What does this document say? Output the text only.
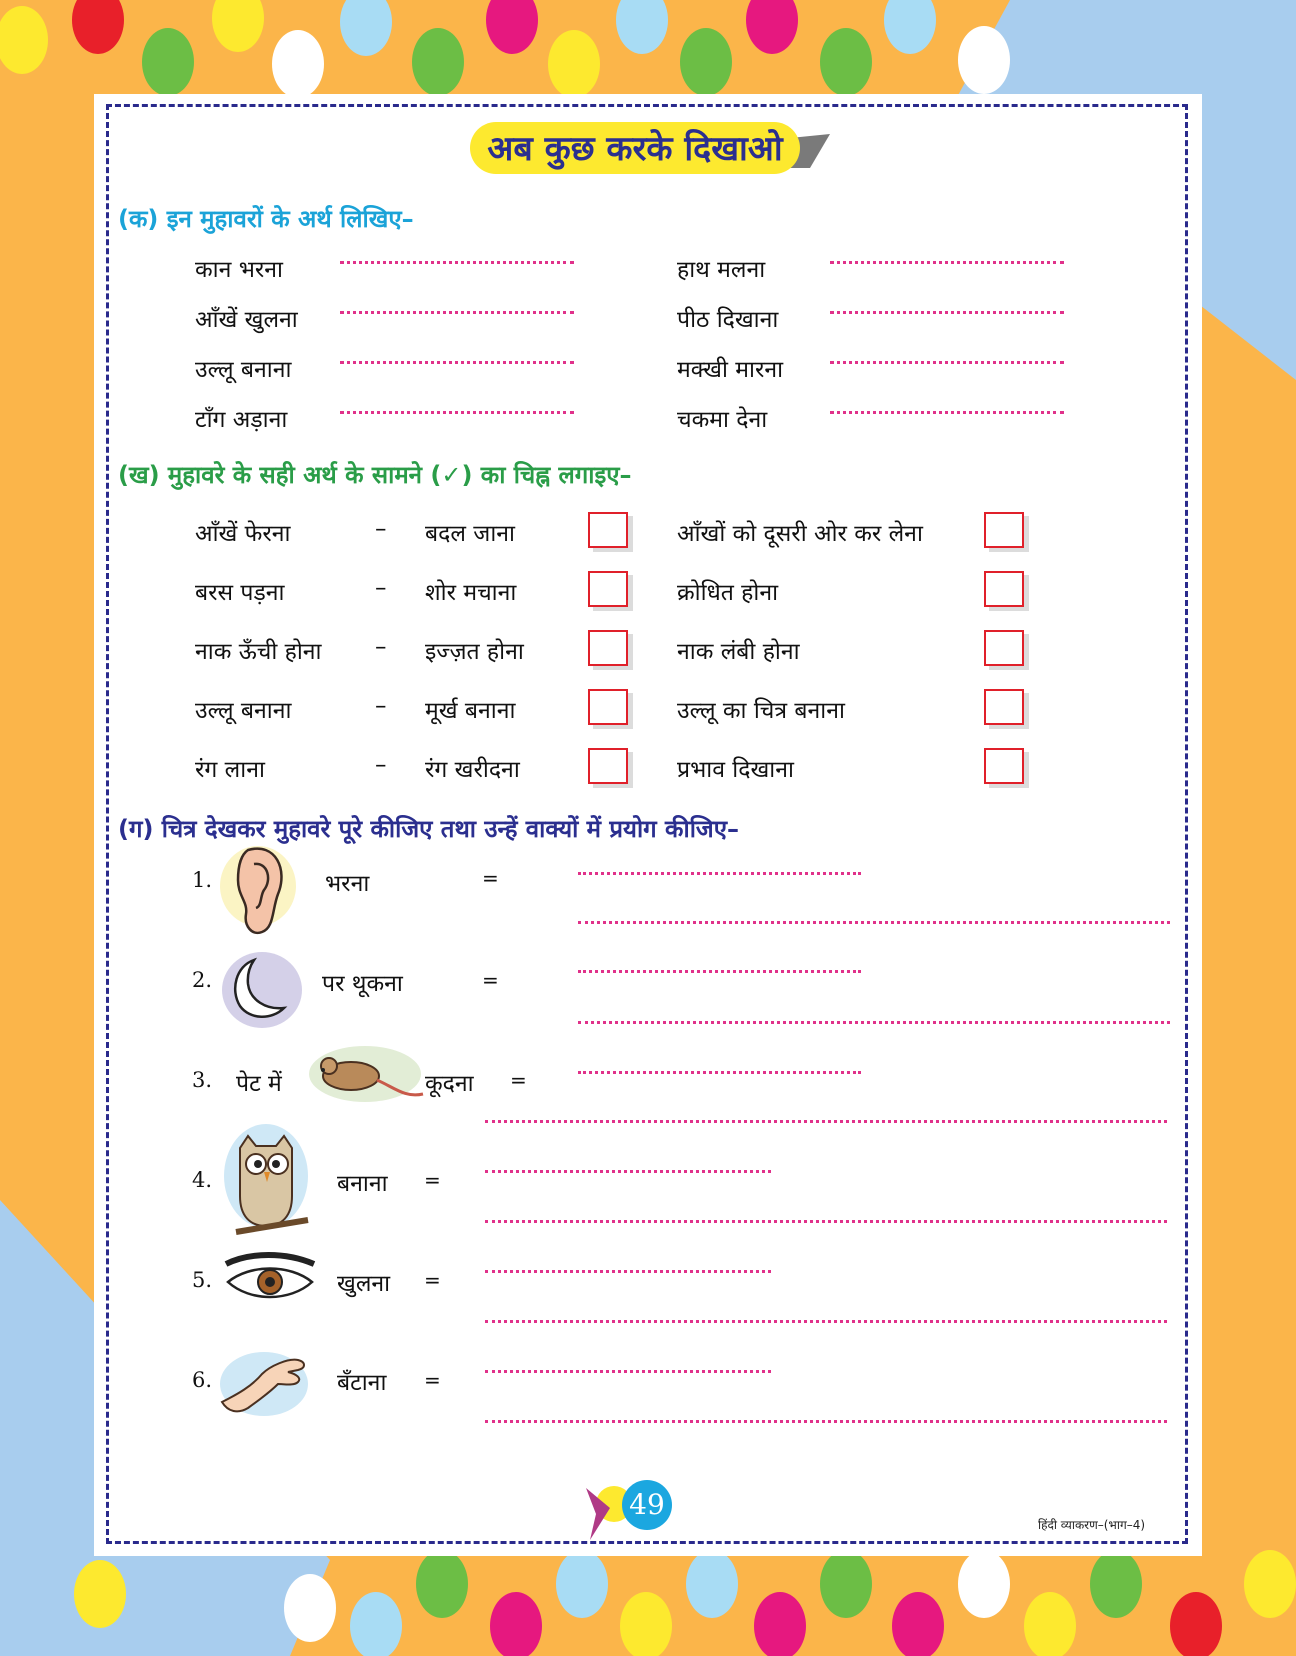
अब कुछ करके दिखाओ
(क) इन मुहावरों के अर्थ लिखिए–
कान भरना	हाथ मलना
आँखें खुलना	पीठ दिखाना
उल्लू बनाना	मक्खी मारना
टाँग अड़ाना	चकमा देना
(ख) मुहावरे के सही अर्थ के सामने (✓) का चिह्न लगाइए–
आँखें फेरना	– बदल जाना	आँखों को दूसरी ओर कर लेना
बरस पड़ना	– शोर मचाना	क्रोधित होना
नाक ऊँची होना – इज्ज़त होना	नाक लंबी होना
उल्लू बनाना	– मूर्ख बनाना	उल्लू का चित्र बनाना
रंग लाना	– रंग खरीदना	प्रभाव दिखाना
(ग) चित्र देखकर मुहावरे पूरे कीजिए तथा उन्हें वाक्यों में प्रयोग कीजिए–
1.	भरना	=
2.	पर थूकना	=
3. पेट में	कूदना =
4.	बनाना =
5.	खुलना =
6.	बँटाना =
49
हिंदी व्याकरण–(भाग–4)
